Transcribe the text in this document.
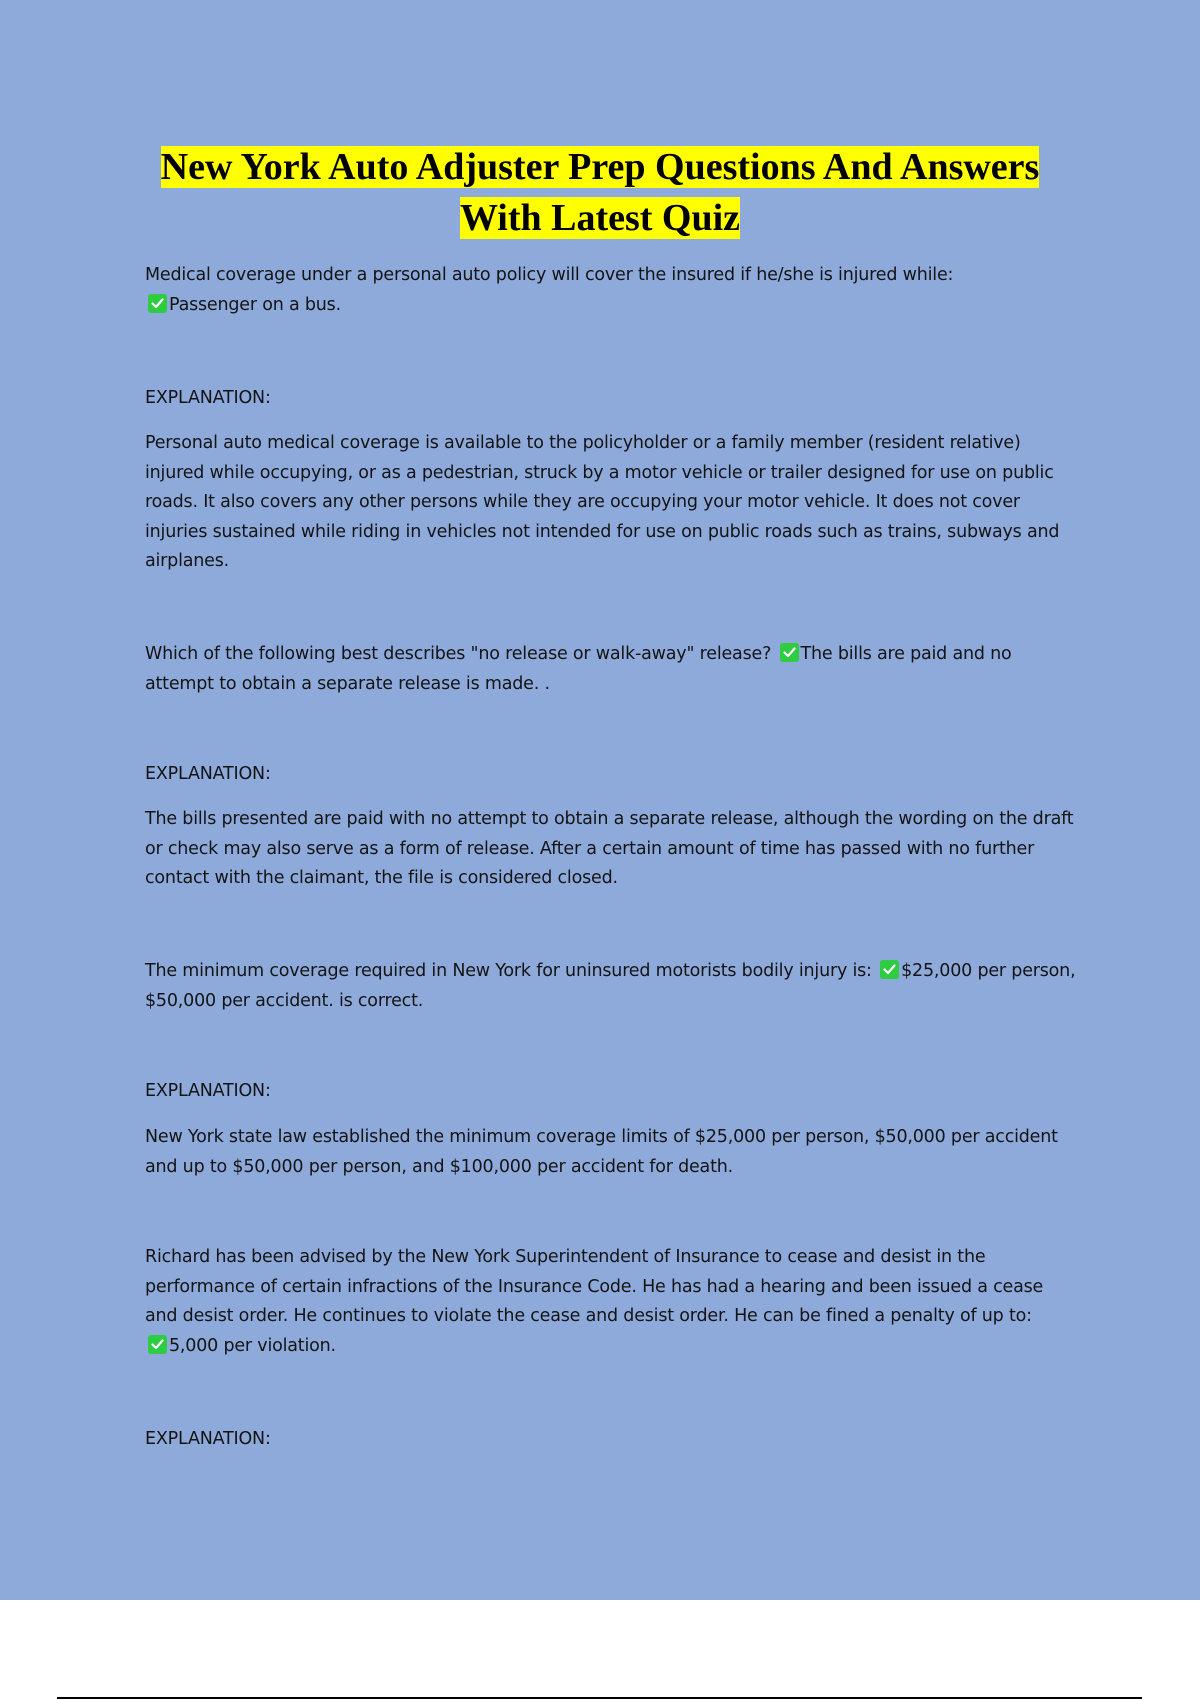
New York Auto Adjuster Prep Questions And Answers
With Latest Quiz
Medical coverage under a personal auto policy will cover the insured if he/she is injured while:

Passenger on a bus.
EXPLANATION:
Personal auto medical coverage is available to the policyholder or a family member (resident relative) injured while occupying, or as a pedestrian, struck by a motor vehicle or trailer designed for use on public roads. It also covers any other persons while they are occupying your motor vehicle. It does not cover injuries sustained while riding in vehicles not intended for use on public roads such as trains, subways and airplanes.
Which of the following best describes "no release or walk-away" release? The bills are paid and no attempt to obtain a separate release is made. .
EXPLANATION:
The bills presented are paid with no attempt to obtain a separate release, although the wording on the draft or check may also serve as a form of release. After a certain amount of time has passed with no further contact with the claimant, the file is considered closed.
The minimum coverage required in New York for uninsured motorists bodily injury is: $25,000 per person, $50,000 per accident. is correct.
EXPLANATION:
New York state law established the minimum coverage limits of $25,000 per person, $50,000 per accident and up to $50,000 per person, and $100,000 per accident for death.
Richard has been advised by the New York Superintendent of Insurance to cease and desist in the performance of certain infractions of the Insurance Code. He has had a hearing and been issued a cease and desist order. He continues to violate the cease and desist order. He can be fined a penalty of up to:

5,000 per violation.
EXPLANATION:
